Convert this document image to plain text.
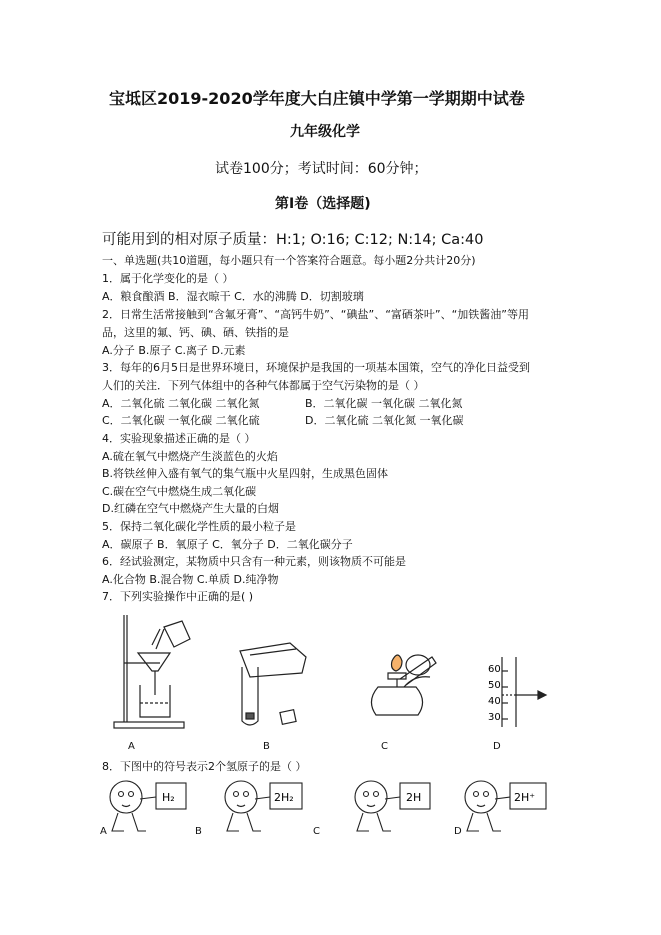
宝坻区2019-2020学年度大白庄镇中学第一学期期中试卷
九年级化学
试卷100分；考试时间：60分钟；
第I卷（选择题)
可能用到的相对原子质量：H:1; O:16; C:12; N:14; Ca:40
一、单选题(共10道题，每小题只有一个答案符合题意。每小题2分共计20分)
1．属于化学变化的是（ ）
A．粮食酿酒 B．湿衣晾干 C．水的沸腾 D．切割玻璃
2．日常生活常接触到“含氟牙膏”、“高钙牛奶”、“碘盐”、“富硒茶叶”、“加铁酱油”等用
品，这里的氟、钙、碘、硒、铁指的是
A.分子 B.原子 C.离子 D.元素
3．每年的6月5日是世界环境日，环境保护是我国的一项基本国策，空气的净化日益受到
人们的关注．下列气体组中的各种气体都属于空气污染物的是（ ）
A．二氧化硫 二氧化碳 二氧化氮	B．二氧化碳 一氧化碳 二氧化氮
C．二氧化碳 一氧化碳 二氧化硫	D．二氧化硫 二氧化氮 一氧化碳
4．实验现象描述正确的是（ ）
A.硫在氧气中燃烧产生淡蓝色的火焰
B.将铁丝伸入盛有氧气的集气瓶中火星四射，生成黑色固体
C.碳在空气中燃烧生成二氧化碳
D.红磷在空气中燃烧产生大量的白烟
5．保持二氧化碳化学性质的最小粒子是
A．碳原子 B．氧原子 C．氧分子 D．二氧化碳分子
6．经试验测定，某物质中只含有一种元素，则该物质不可能是
A.化合物 B.混合物 C.单质 D.纯净物
7．下列实验操作中正确的是( )
60
50
40
30
A	B	C	D
8．下图中的符号表示2个氢原子的是（ ）
H₂	2H₂	2H	2H⁺
A	B	C	D
